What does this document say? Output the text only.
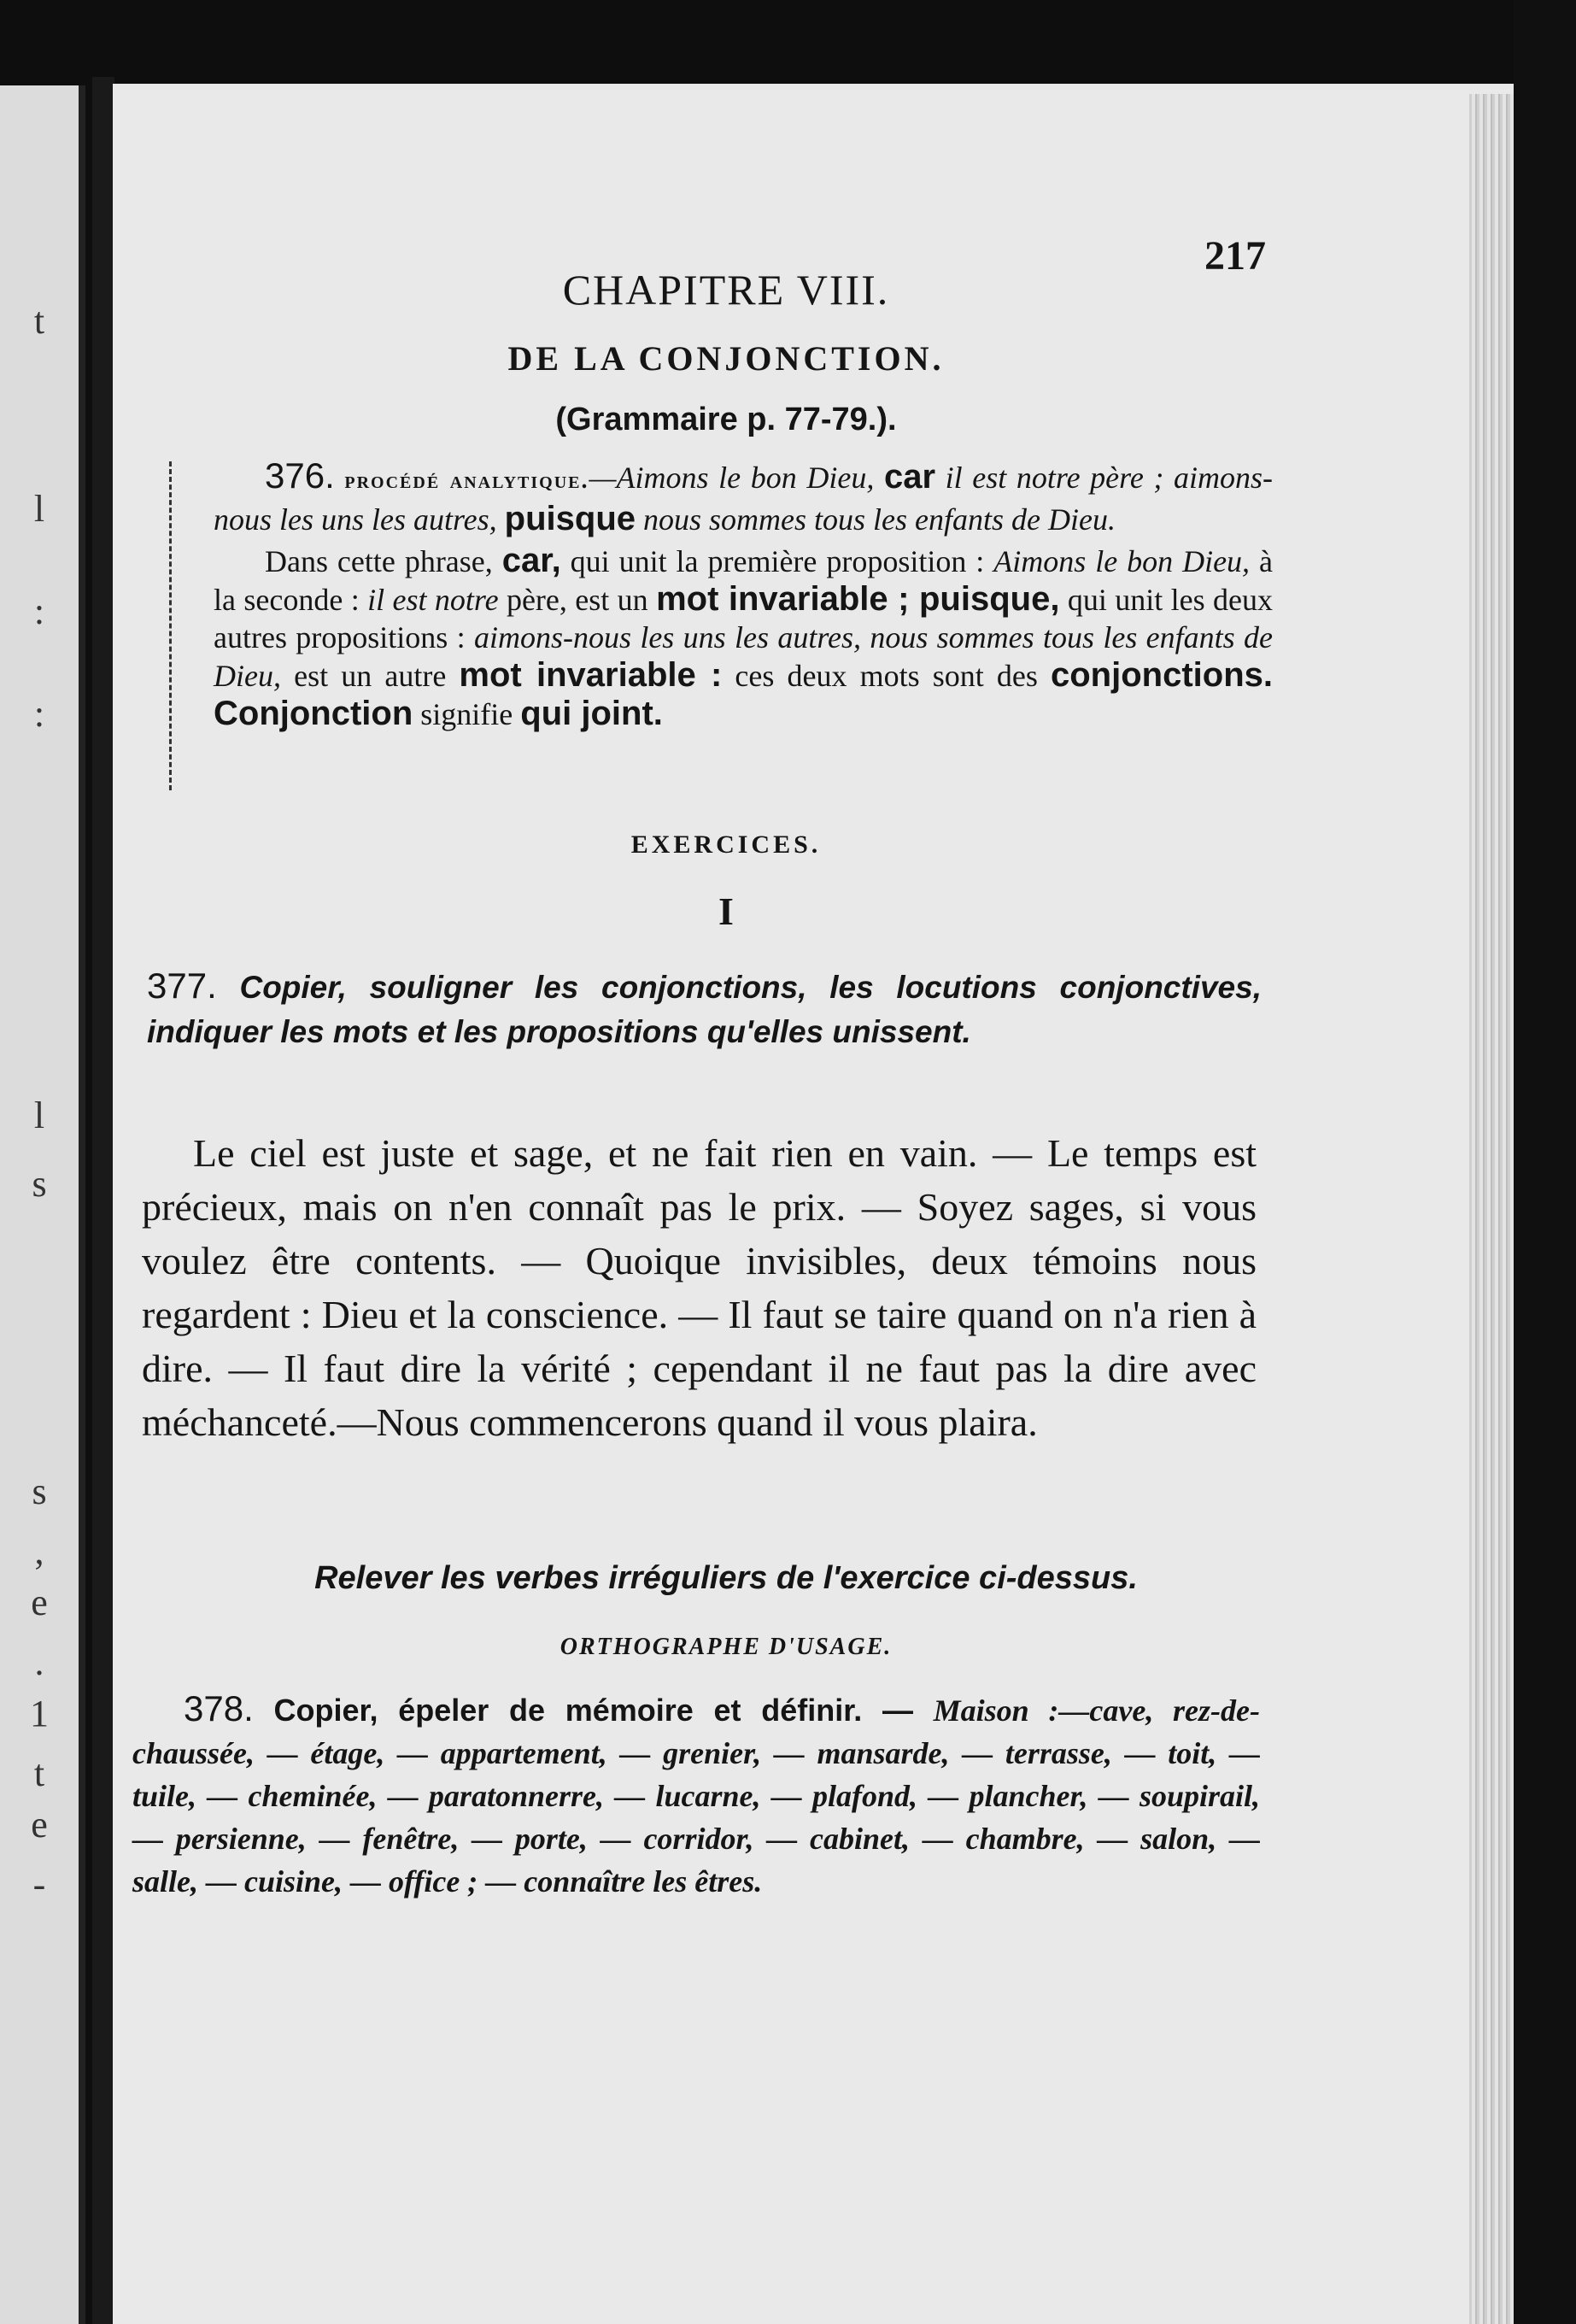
t
l
:
:
l
s
s
,
e
.
1
t
e
-
217
CHAPITRE VIII.
DE LA CONJONCTION.
(Grammaire p. 77-79.).

376. procédé analytique.—Aimons le bon Dieu, car il est notre père ; aimons-nous les uns les autres, puisque nous sommes tous les enfants de Dieu.

Dans cette phrase, car, qui unit la première proposition : Aimons le bon Dieu, à la seconde : il est notre père, est un mot invariable ; puisque, qui unit les deux autres propositions : aimons-nous les uns les autres, nous sommes tous les enfants de Dieu, est un autre mot invariable : ces deux mots sont des conjonctions. Conjonction signifie qui joint.

EXERCICES.
I
377. Copier, souligner les conjonctions, les locutions conjonctives, indiquer les mots et les propositions qu'elles unissent.
Le ciel est juste et sage, et ne fait rien en vain. — Le temps est précieux, mais on n'en connaît pas le prix. — Soyez sages, si vous voulez être contents. — Quoique invisibles, deux témoins nous regardent : Dieu et la conscience. — Il faut se taire quand on n'a rien à dire. — Il faut dire la vérité ; cependant il ne faut pas la dire avec méchanceté.—Nous commencerons quand il vous plaira.
Relever les verbes irréguliers de l'exercice ci-dessus.
ORTHOGRAPHE D'USAGE.
378. Copier, épeler de mémoire et définir. — Maison :—cave, rez-de-chaussée, — étage, — appartement, — grenier, — mansarde, — terrasse, — toit, — tuile, — cheminée, — paratonnerre, — lucarne, — plafond, — plancher, — soupirail, — persienne, — fenêtre, — porte, — corridor, — cabinet, — chambre, — salon, — salle, — cuisine, — office ; — connaître les êtres.
